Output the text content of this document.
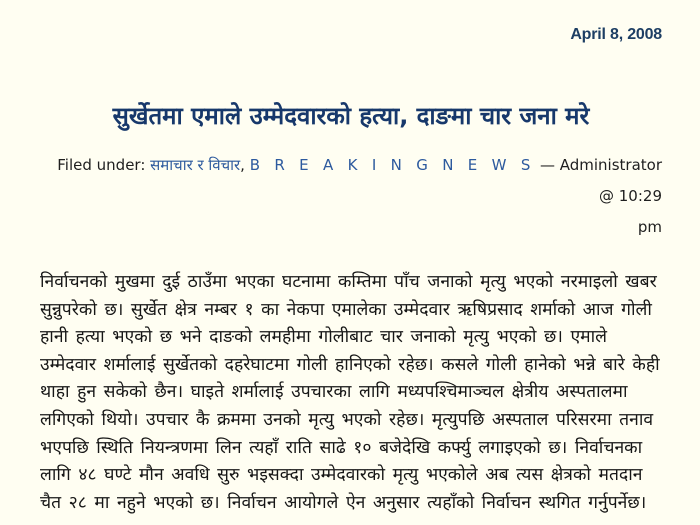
April 8, 2008
सुर्खेतमा एमाले उम्मेदवारको हत्या, दाङमा चार जना मरे
Filed under: समाचार र विचार, B R E A K I N G N E W S — Administrator @ 10:29
pm

निर्वाचनको मुखमा दुई ठाउँमा भएका घटनामा कम्तिमा पाँच जनाको मृत्यु भएको नरमाइलो खबर सुन्नुपरेको छ। सुर्खेत क्षेत्र नम्बर १ का नेकपा एमालेका उम्मेदवार ऋषिप्रसाद शर्माको आज गोली हानी हत्या भएको छ भने दाङको लमहीमा गोलीबाट चार जनाको मृत्यु भएको छ। एमाले उम्मेदवार शर्मालाई सुर्खेतको दहरेघाटमा गोली हानिएको रहेछ। कसले गोली हानेको भन्ने बारे केही थाहा हुन सकेको छैन। घाइते शर्मालाई उपचारका लागि मध्यपश्चिमाञ्चल क्षेत्रीय अस्पतालमा लगिएको थियो। उपचार कै क्रममा उनको मृत्यु भएको रहेछ। मृत्युपछि अस्पताल परिसरमा तनाव भएपछि स्थिति नियन्त्रणमा लिन त्यहाँ राति साढे १० बजेदेखि कर्फ्यु लगाइएको छ। निर्वाचनका लागि ४८ घण्टे मौन अवधि सुरु भइसक्दा उम्मेदवारको मृत्यु भएकोले अब त्यस क्षेत्रको मतदान चैत २८ मा नहुने भएको छ। निर्वाचन आयोगले ऐन अनुसार त्यहाँको निर्वाचन स्थगित गर्नुपर्नेछ।
